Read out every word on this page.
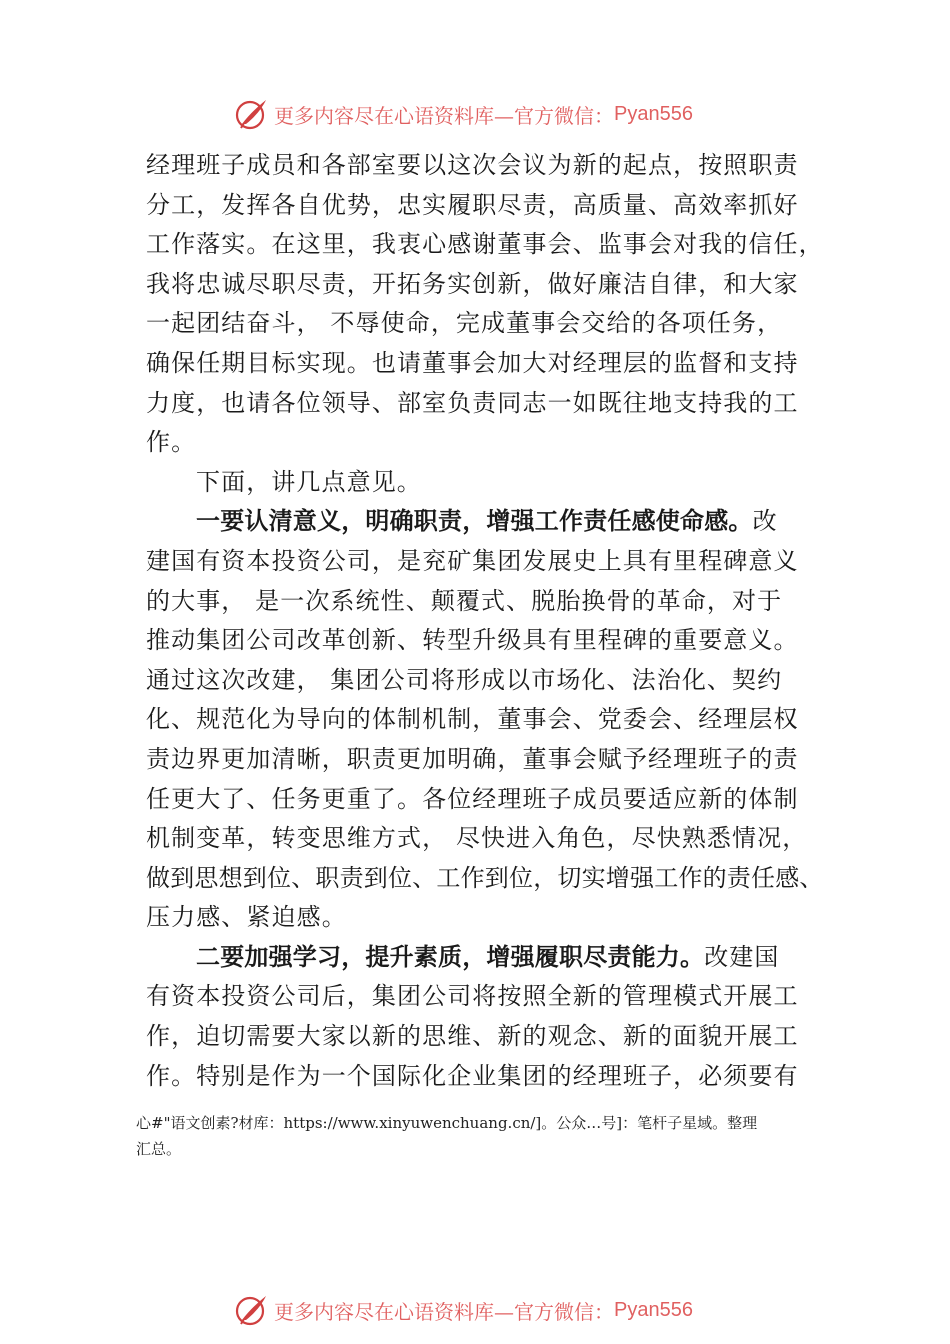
更多内容尽在心语资料库—官方微信： Pyan556
经理班子成员和各部室要以这次会议为新的起点，按照职责
分工，发挥各自优势，忠实履职尽责，高质量、高效率抓好
工作落实。在这里，我衷心感谢董事会、监事会对我的信任，
我将忠诚尽职尽责，开拓务实创新，做好廉洁自律，和大家
一起团结奋斗， 不辱使命，完成董事会交给的各项任务，
确保任期目标实现。也请董事会加大对经理层的监督和支持
力度，也请各位领导、部室负责同志一如既往地支持我的工
作。
下面，讲几点意见。
一要认清意义，明确职责，增强工作责任感使命感。改
建国有资本投资公司，是兖矿集团发展史上具有里程碑意义
的大事， 是一次系统性、颠覆式、脱胎换骨的革命，对于
推动集团公司改革创新、转型升级具有里程碑的重要意义。
通过这次改建， 集团公司将形成以市场化、法治化、契约
化、规范化为导向的体制机制，董事会、党委会、经理层权
责边界更加清晰，职责更加明确，董事会赋予经理班子的责
任更大了、任务更重了。各位经理班子成员要适应新的体制
机制变革，转变思维方式， 尽快进入角色，尽快熟悉情况，
做到思想到位、职责到位、工作到位，切实增强工作的责任感、
压力感、紧迫感。
二要加强学习，提升素质，增强履职尽责能力。改建国
有资本投资公司后，集团公司将按照全新的管理模式开展工
作，迫切需要大家以新的思维、新的观念、新的面貌开展工
作。特别是作为一个国际化企业集团的经理班子，必须要有
心#"语文创素?材库：https://www.xinyuwenchuang.cn/]。公众…号]：笔杆子星域。整理
汇总。
更多内容尽在心语资料库—官方微信： Pyan556
